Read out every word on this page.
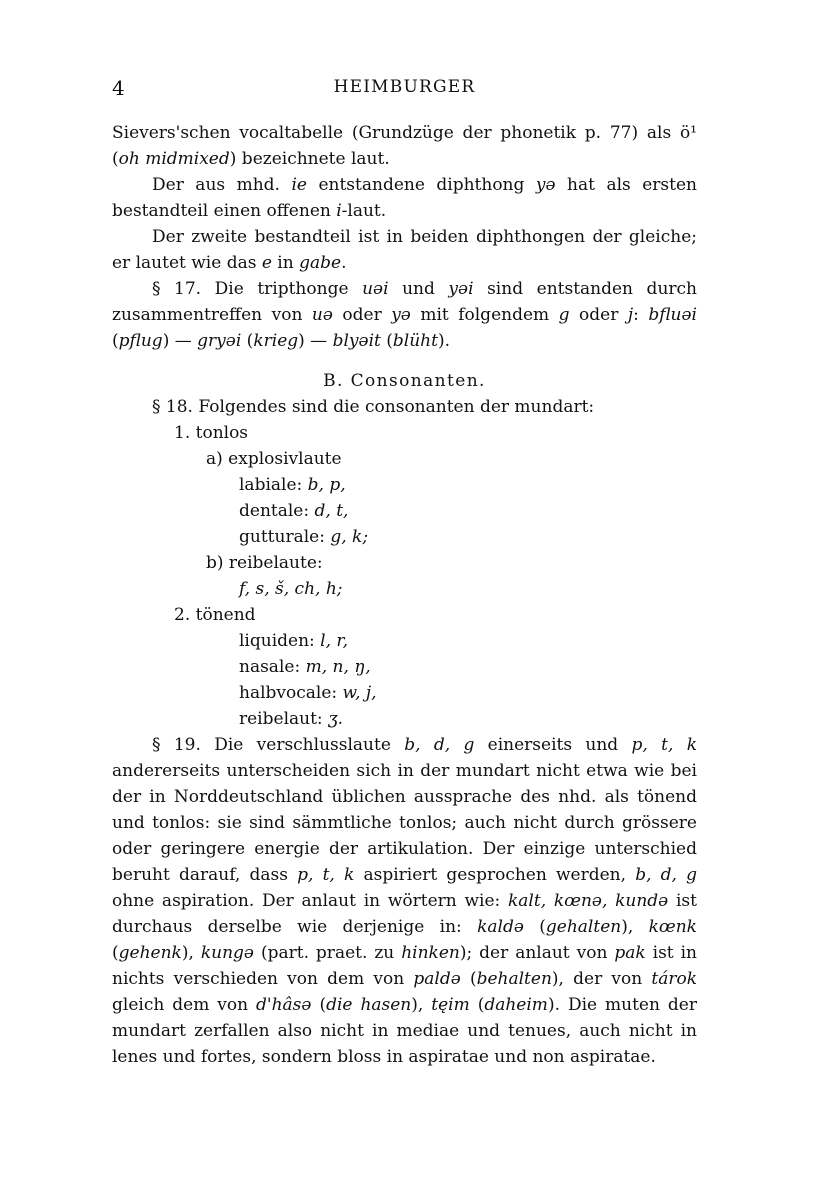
4	HEIMBURGER

Sievers'schen vocaltabelle (Grundzüge der phonetik p. 77) als ö¹ (oh midmixed) bezeichnete laut.

Der aus mhd. ie entstandene diphthong yə hat als ersten bestandteil einen offenen i-laut.

Der zweite bestandteil ist in beiden diphthongen der gleiche; er lautet wie das e in gabe.

§ 17. Die tripthonge uəi und yəi sind entstanden durch zusammentreffen von uə oder yə mit folgendem g oder j: bfluəi (pflug) — gryəi (krieg) — blyəit (blüht).

B. Consonanten.

§ 18. Folgendes sind die consonanten der mundart:

1. tonlos

a) explosivlaute

labiale: b, p,

dentale: d, t,

gutturale: g, k;

b) reibelaute:

f, s, š, ch, h;

2. tönend

liquiden: l, r,

nasale: m, n, ŋ,

halbvocale: w, j,

reibelaut: ʒ.

§ 19. Die verschlusslaute b, d, g einerseits und p, t, k andererseits unterscheiden sich in der mundart nicht etwa wie bei der in Norddeutschland üblichen aussprache des nhd. als tönend und tonlos: sie sind sämmtliche tonlos; auch nicht durch grössere oder geringere energie der artikulation. Der einzige unterschied beruht darauf, dass p, t, k aspiriert gesprochen werden, b, d, g ohne aspiration. Der anlaut in wörtern wie: kalt, kœnə, kundə ist durchaus derselbe wie derjenige in: kaldə (gehalten), kœnk (gehenk), kungə (part. praet. zu hinken); der anlaut von pak ist in nichts verschieden von dem von paldə (behalten), der von tárok gleich dem von d'hâsə (die hasen), tęim (daheim). Die muten der mundart zerfallen also nicht in mediae und tenues, auch nicht in lenes und fortes, sondern bloss in aspiratae und non aspiratae.
